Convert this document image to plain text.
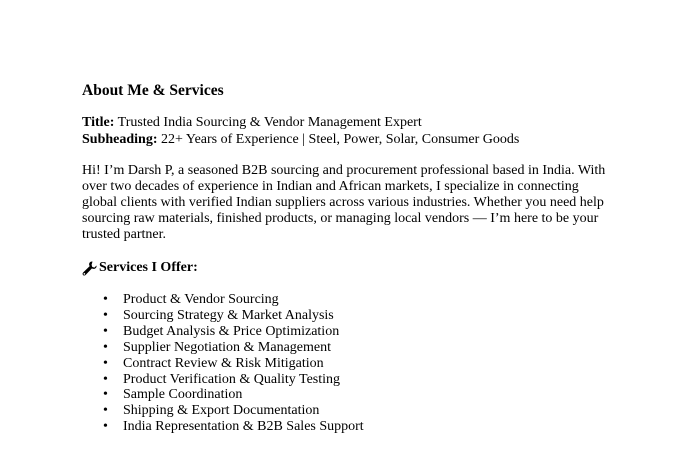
About Me & Services
Title: Trusted India Sourcing & Vendor Management Expert
Subheading: 22+ Years of Experience | Steel, Power, Solar, Consumer Goods

Hi! I’m Darsh P, a seasoned B2B sourcing and procurement professional based in India. With
over two decades of experience in Indian and African markets, I specialize in connecting
global clients with verified Indian suppliers across various industries. Whether you need help
sourcing raw materials, finished products, or managing local vendors — I’m here to be your
trusted partner.

Services I Offer:
• Product & Vendor Sourcing
• Sourcing Strategy & Market Analysis
• Budget Analysis & Price Optimization
• Supplier Negotiation & Management
• Contract Review & Risk Mitigation
• Product Verification & Quality Testing
• Sample Coordination
• Shipping & Export Documentation
• India Representation & B2B Sales Support
